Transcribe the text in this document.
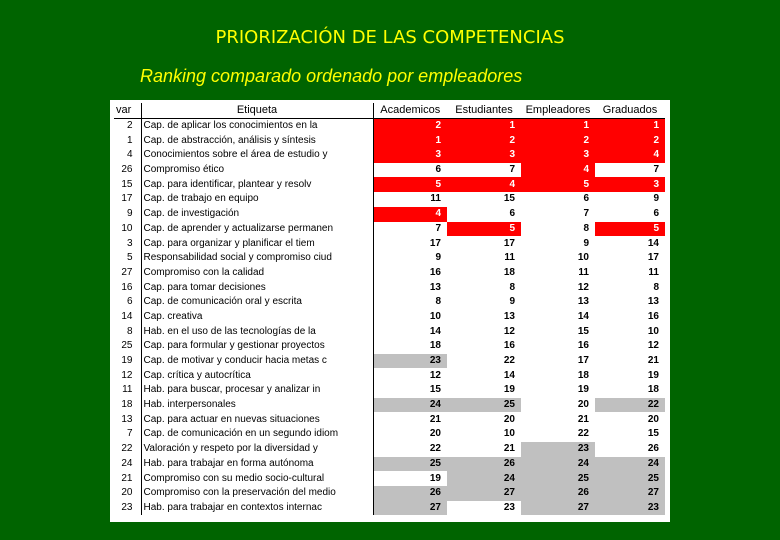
PRIORIZACIÓN DE LAS COMPETENCIAS
Ranking comparado ordenado por empleadores
var	Etiqueta	Academicos	Estudiantes	Empleadores	Graduados
2	Cap. de aplicar los conocimientos en la	2	1	1	1
1	Cap. de abstracción, análisis y síntesis	1	2	2	2
4	Conocimientos sobre el área de estudio y	3	3	3	4
26	Compromiso ético	6	7	4	7
15	Cap. para identificar, plantear y resolv	5	4	5	3
17	Cap. de trabajo en equipo	11	15	6	9
9	Cap. de investigación	4	6	7	6
10	Cap. de aprender y actualizarse permanen	7	5	8	5
3	Cap. para organizar y planificar el tiem	17	17	9	14
5	Responsabilidad social y compromiso ciud	9	11	10	17
27	Compromiso con la calidad	16	18	11	11
16	Cap. para tomar decisiones	13	8	12	8
6	Cap. de comunicación oral y escrita	8	9	13	13
14	Cap. creativa	10	13	14	16
8	Hab. en el uso de las tecnologías de la	14	12	15	10
25	Cap. para formular y gestionar proyectos	18	16	16	12
19	Cap. de motivar y conducir hacia metas c	23	22	17	21
12	Cap. crítica y autocrítica	12	14	18	19
11	Hab. para buscar, procesar y analizar in	15	19	19	18
18	Hab. interpersonales	24	25	20	22
13	Cap. para actuar en nuevas situaciones	21	20	21	20
7	Cap. de comunicación en un segundo idiom	20	10	22	15
22	Valoración y respeto por la diversidad y	22	21	23	26
24	Hab. para trabajar en forma autónoma	25	26	24	24
21	Compromiso con su medio socio-cultural	19	24	25	25
20	Compromiso con la preservación del medio	26	27	26	27
23	Hab. para trabajar en contextos internac	27	23	27	23
